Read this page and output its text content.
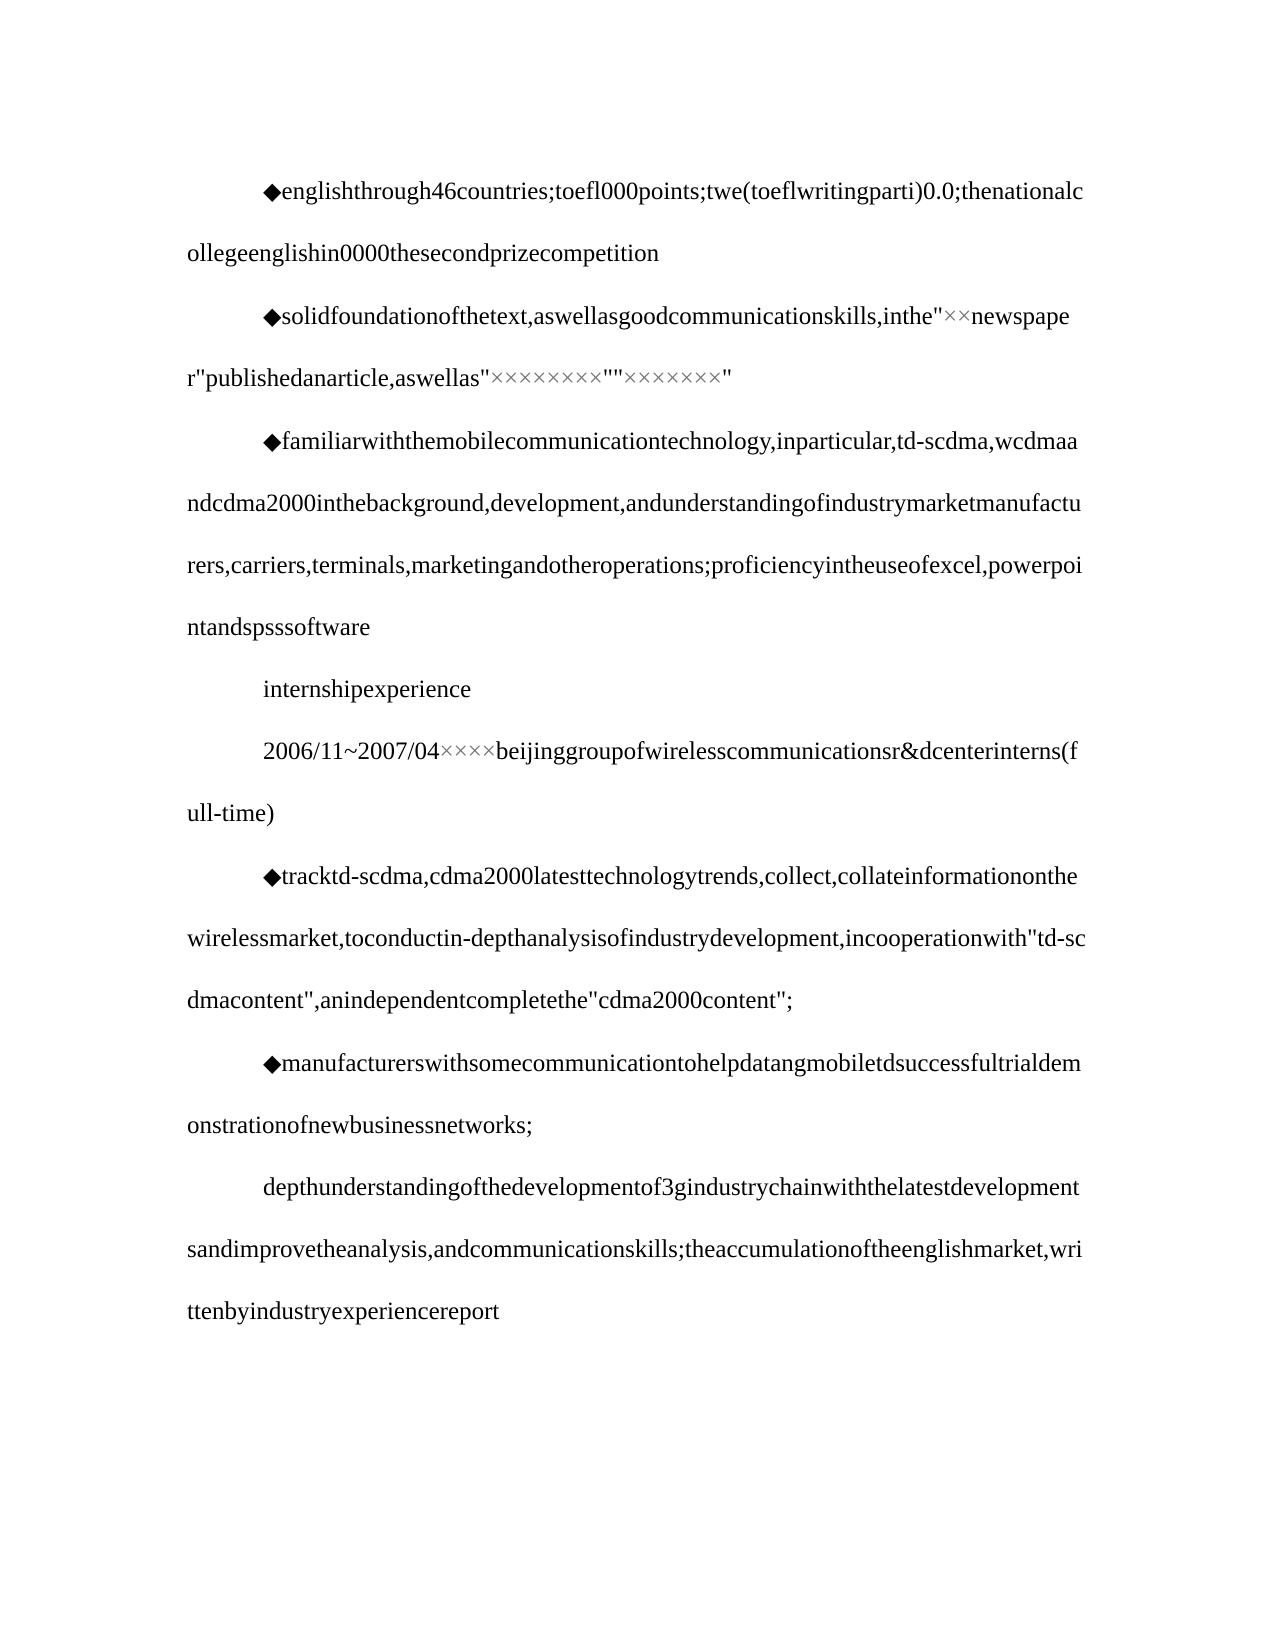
◆englishthrough46countries;toefl000points;twe(toeflwritingparti)0.0;thenationalcollegeenglishin0000thesecondprizecompetition

◆solidfoundationofthetext,aswellasgoodcommunicationskills,inthe"××newspaper"publishedanarticle,aswellas"××××××××""×××××××"

◆familiarwiththemobilecommunicationtechnology,inparticular,td-scdma,wcdmaandcdma2000inthebackground,development,andunderstandingofindustrymarketmanufacturers,carriers,terminals,marketingandotheroperations;proficiencyintheuseofexcel,powerpointandspsssoftware

internshipexperience

2006/11~2007/04××××beijinggroupofwirelesscommunicationsr&dcenterinterns(full-time)

◆tracktd-scdma,cdma2000latesttechnologytrends,collect,collateinformationonthewirelessmarket,toconductin-depthanalysisofindustrydevelopment,incooperationwith"td-scdmacontent",anindependentcompletethe"cdma2000content";

◆manufacturerswithsomecommunicationtohelpdatangmobiletdsuccessfultrialdemonstrationofnewbusinessnetworks;

depthunderstandingofthedevelopmentof3gindustrychainwiththelatestdevelopmentsandimprovetheanalysis,andcommunicationskills;theaccumulationoftheenglishmarket,writtenbyindustryexperiencereport
